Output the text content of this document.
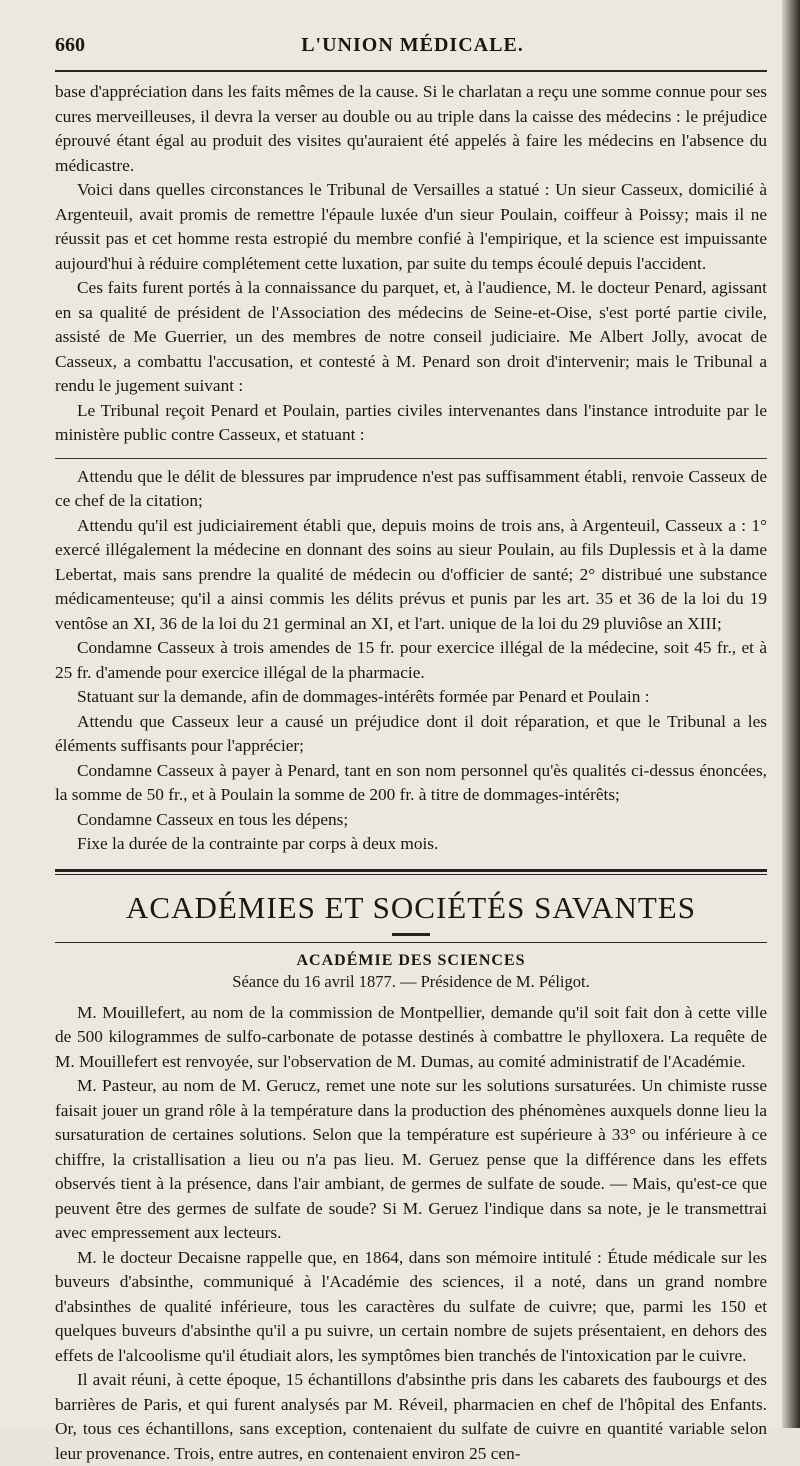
660	L'UNION MÉDICALE.

base d'appréciation dans les faits mêmes de la cause. Si le charlatan a reçu une somme connue pour ses cures merveilleuses, il devra la verser au double ou au triple dans la caisse des médecins : le préjudice éprouvé étant égal au produit des visites qu'auraient été appelés à faire les médecins en l'absence du médicastre.

Voici dans quelles circonstances le Tribunal de Versailles a statué : Un sieur Casseux, domicilié à Argenteuil, avait promis de remettre l'épaule luxée d'un sieur Poulain, coiffeur à Poissy; mais il ne réussit pas et cet homme resta estropié du membre confié à l'empirique, et la science est impuissante aujourd'hui à réduire complétement cette luxation, par suite du temps écoulé depuis l'accident.

Ces faits furent portés à la connaissance du parquet, et, à l'audience, M. le docteur Penard, agissant en sa qualité de président de l'Association des médecins de Seine-et-Oise, s'est porté partie civile, assisté de Me Guerrier, un des membres de notre conseil judiciaire. Me Albert Jolly, avocat de Casseux, a combattu l'accusation, et contesté à M. Penard son droit d'intervenir; mais le Tribunal a rendu le jugement suivant :

Le Tribunal reçoit Penard et Poulain, parties civiles intervenantes dans l'instance introduite par le ministère public contre Casseux, et statuant :

Attendu que le délit de blessures par imprudence n'est pas suffisamment établi, renvoie Casseux de ce chef de la citation;

Attendu qu'il est judiciairement établi que, depuis moins de trois ans, à Argenteuil, Casseux a : 1° exercé illégalement la médecine en donnant des soins au sieur Poulain, au fils Duplessis et à la dame Lebertat, mais sans prendre la qualité de médecin ou d'officier de santé; 2° distribué une substance médicamenteuse; qu'il a ainsi commis les délits prévus et punis par les art. 35 et 36 de la loi du 19 ventôse an XI, 36 de la loi du 21 germinal an XI, et l'art. unique de la loi du 29 pluviôse an XIII;

Condamne Casseux à trois amendes de 15 fr. pour exercice illégal de la médecine, soit 45 fr., et à 25 fr. d'amende pour exercice illégal de la pharmacie.

Statuant sur la demande, afin de dommages-intérêts formée par Penard et Poulain :

Attendu que Casseux leur a causé un préjudice dont il doit réparation, et que le Tribunal a les éléments suffisants pour l'apprécier;

Condamne Casseux à payer à Penard, tant en son nom personnel qu'ès qualités ci-dessus énoncées, la somme de 50 fr., et à Poulain la somme de 200 fr. à titre de dommages-intérêts;

Condamne Casseux en tous les dépens;

Fixe la durée de la contrainte par corps à deux mois.

ACADÉMIES ET SOCIÉTÉS SAVANTES
ACADÉMIE DES SCIENCES
Séance du 16 avril 1877. — Présidence de M. Péligot.

M. Mouillefert, au nom de la commission de Montpellier, demande qu'il soit fait don à cette ville de 500 kilogrammes de sulfo-carbonate de potasse destinés à combattre le phylloxera. La requête de M. Mouillefert est renvoyée, sur l'observation de M. Dumas, au comité administratif de l'Académie.

M. Pasteur, au nom de M. Gerucz, remet une note sur les solutions sursaturées. Un chimiste russe faisait jouer un grand rôle à la température dans la production des phénomènes auxquels donne lieu la sursaturation de certaines solutions. Selon que la température est supérieure à 33° ou inférieure à ce chiffre, la cristallisation a lieu ou n'a pas lieu. M. Geruez pense que la différence dans les effets observés tient à la présence, dans l'air ambiant, de germes de sulfate de soude. — Mais, qu'est-ce que peuvent être des germes de sulfate de soude? Si M. Geruez l'indique dans sa note, je le transmettrai avec empressement aux lecteurs.

M. le docteur Decaisne rappelle que, en 1864, dans son mémoire intitulé : Étude médicale sur les buveurs d'absinthe, communiqué à l'Académie des sciences, il a noté, dans un grand nombre d'absinthes de qualité inférieure, tous les caractères du sulfate de cuivre; que, parmi les 150 et quelques buveurs d'absinthe qu'il a pu suivre, un certain nombre de sujets présentaient, en dehors des effets de l'alcoolisme qu'il étudiait alors, les symptômes bien tranchés de l'intoxication par le cuivre.

Il avait réuni, à cette époque, 15 échantillons d'absinthe pris dans les cabarets des faubourgs et des barrières de Paris, et qui furent analysés par M. Réveil, pharmacien en chef de l'hôpital des Enfants. Or, tous ces échantillons, sans exception, contenaient du sulfate de cuivre en quantité variable selon leur provenance. Trois, entre autres, en contenaient environ 25 cen-
